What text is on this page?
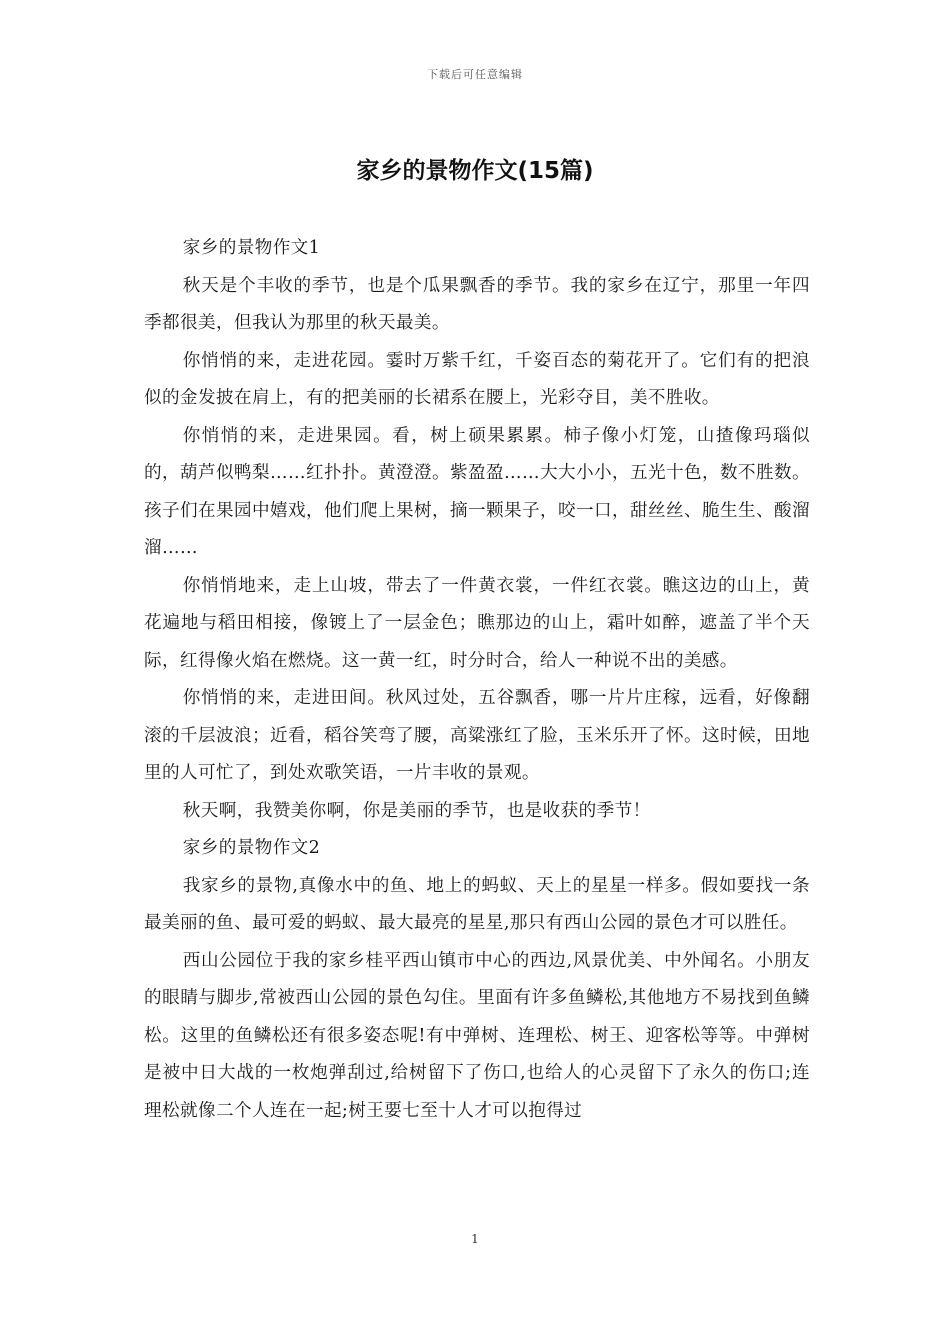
下载后可任意编辑
家乡的景物作文(15篇)

家乡的景物作文1

秋天是个丰收的季节，也是个瓜果飘香的季节。我的家乡在辽宁，那里一年四季都很美，但我认为那里的秋天最美。

你悄悄的来，走进花园。霎时万紫千红，千姿百态的菊花开了。它们有的把浪似的金发披在肩上，有的把美丽的长裙系在腰上，光彩夺目，美不胜收。

你悄悄的来，走进果园。看，树上硕果累累。柿子像小灯笼，山揸像玛瑙似的，葫芦似鸭梨……红扑扑。黄澄澄。紫盈盈……大大小小，五光十色，数不胜数。孩子们在果园中嬉戏，他们爬上果树，摘一颗果子，咬一口，甜丝丝、脆生生、酸溜溜……

你悄悄地来，走上山坡，带去了一件黄衣裳，一件红衣裳。瞧这边的山上，黄花遍地与稻田相接，像镀上了一层金色；瞧那边的山上，霜叶如醉，遮盖了半个天际，红得像火焰在燃烧。这一黄一红，时分时合，给人一种说不出的美感。

你悄悄的来，走进田间。秋风过处，五谷飘香，哪一片片庄稼，远看，好像翻滚的千层波浪；近看，稻谷笑弯了腰，高粱涨红了脸，玉米乐开了怀。这时候，田地里的人可忙了，到处欢歌笑语，一片丰收的景观。

秋天啊，我赞美你啊，你是美丽的季节，也是收获的季节！

家乡的景物作文2

我家乡的景物,真像水中的鱼、地上的蚂蚁、天上的星星一样多。假如要找一条最美丽的鱼、最可爱的蚂蚁、最大最亮的星星,那只有西山公园的景色才可以胜任。

西山公园位于我的家乡桂平西山镇市中心的西边,风景优美、中外闻名。小朋友的眼睛与脚步,常被西山公园的景色勾住。里面有许多鱼鳞松,其他地方不易找到鱼鳞松。这里的鱼鳞松还有很多姿态呢!有中弹树、连理松、树王、迎客松等等。中弹树是被中日大战的一枚炮弹刮过,给树留下了伤口,也给人的心灵留下了永久的伤口;连理松就像二个人连在一起;树王要七至十人才可以抱得过

1
